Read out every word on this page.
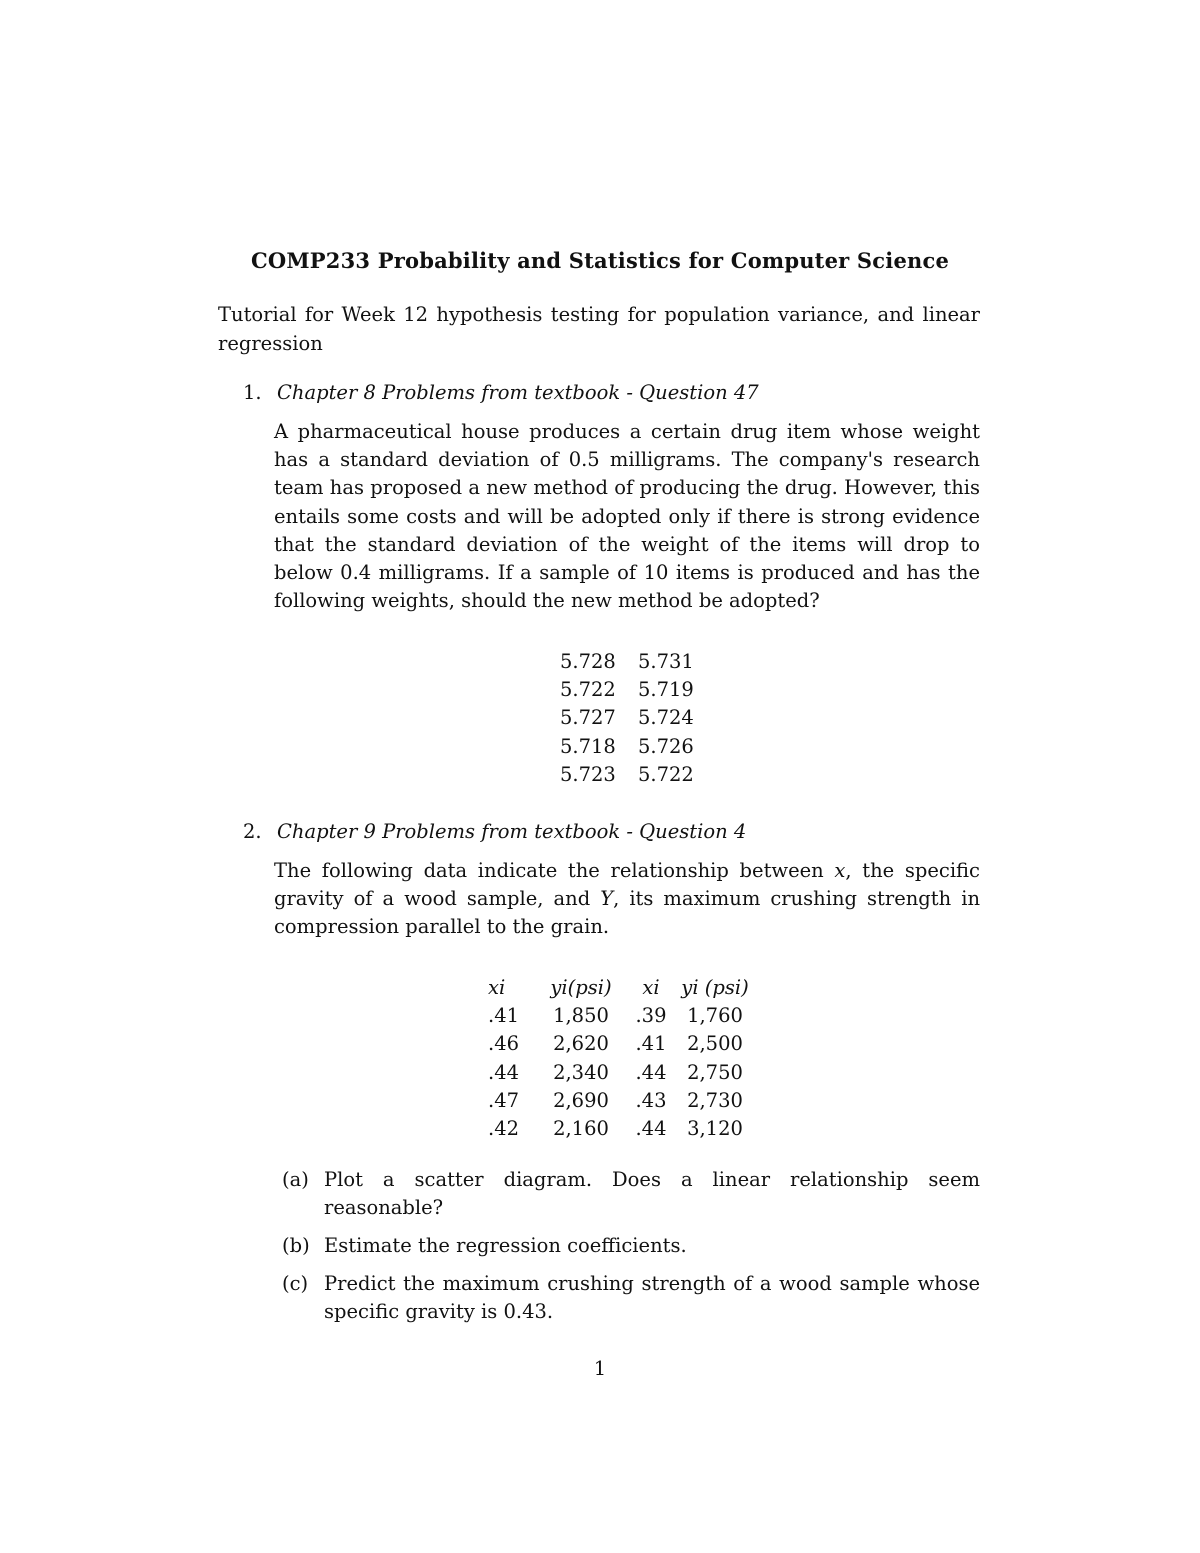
COMP233 Probability and Statistics for Computer Science
Tutorial for Week 12 hypothesis testing for population variance, and linear regression
1. Chapter 8 Problems from textbook - Question 47
A pharmaceutical house produces a certain drug item whose weight has a standard deviation of 0.5 milligrams. The company's research team has proposed a new method of producing the drug. However, this entails some costs and will be adopted only if there is strong evidence that the standard deviation of the weight of the items will drop to below 0.4 milligrams. If a sample of 10 items is produced and has the following weights, should the new method be adopted?
5.728	5.731
5.722	5.719
5.727	5.724
5.718	5.726
5.723	5.722
2. Chapter 9 Problems from textbook - Question 4
The following data indicate the relationship between x, the specific gravity of a wood sample, and Y, its maximum crushing strength in compression parallel to the grain.
xi	yi(psi)	xi	yi (psi)
.41	1,850	.39	1,760
.46	2,620	.41	2,500
.44	2,340	.44	2,750
.47	2,690	.43	2,730
.42	2,160	.44	3,120
(a) Plot a scatter diagram. Does a linear relationship seem reasonable?
(b) Estimate the regression coefficients.
(c) Predict the maximum crushing strength of a wood sample whose specific gravity is 0.43.
1
